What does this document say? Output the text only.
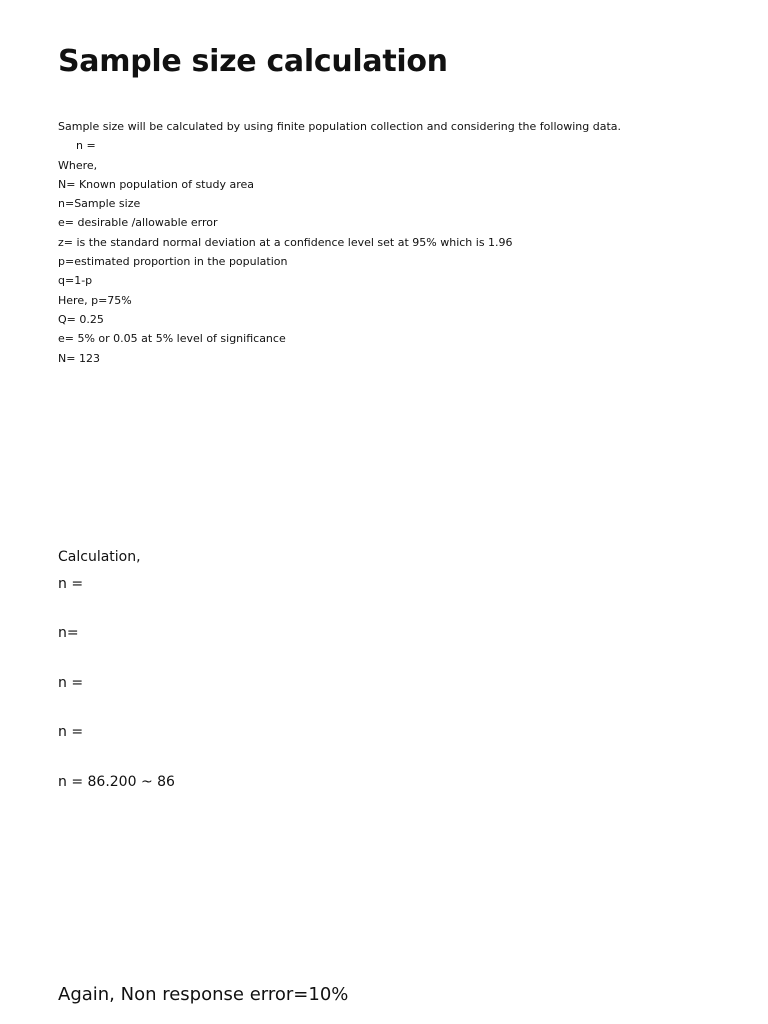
Sample size calculation
Sample size will be calculated by using finite population collection and considering the following data.
n =
Where,
N= Known population of study area
n=Sample size
e= desirable /allowable error
z= is the standard normal deviation at a confidence level set at 95% which is 1.96
p=estimated proportion in the population
q=1-p
Here, p=75%
Q= 0.25
e= 5% or 0.05 at 5% level of significance
N= 123
Calculation,
n =
n=
n =
n =
n = 86.200 ~ 86
Again, Non response error=10%
